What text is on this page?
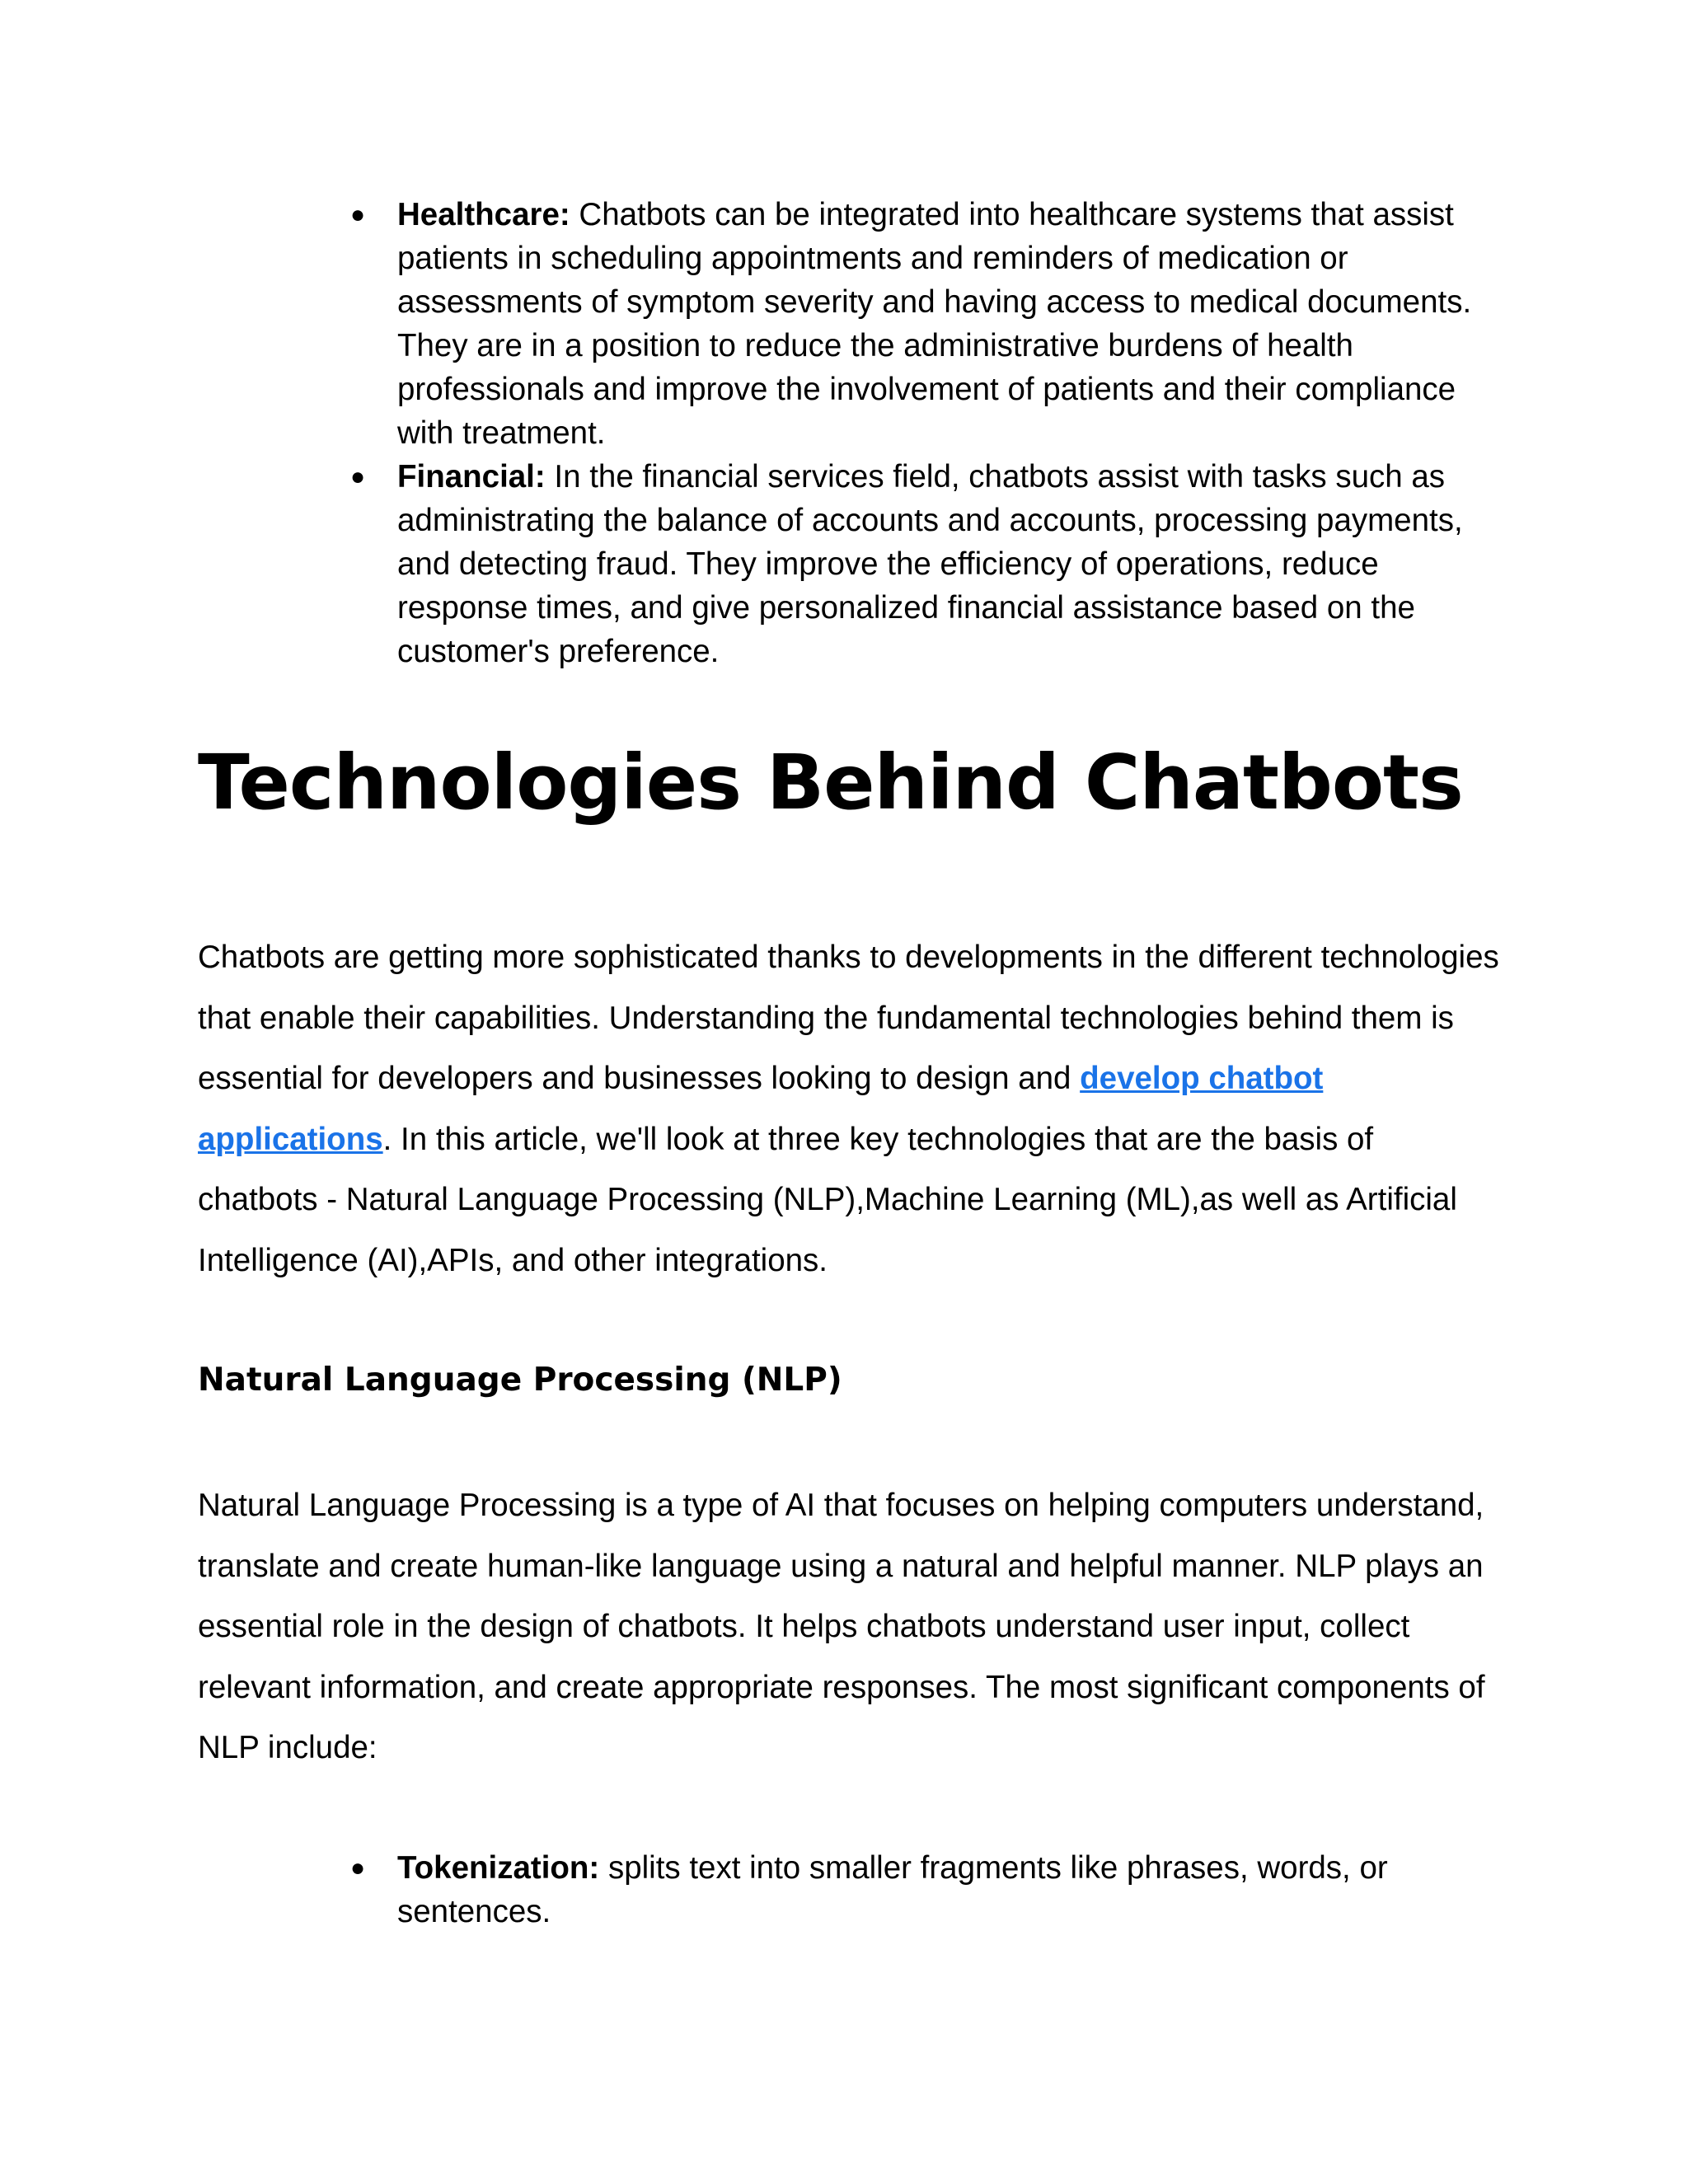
● Healthcare: Chatbots can be integrated into healthcare systems that assist patients in scheduling appointments and reminders of medication or assessments of symptom severity and having access to medical documents. They are in a position to reduce the administrative burdens of health professionals and improve the involvement of patients and their compliance with treatment.
● Financial: In the financial services field, chatbots assist with tasks such as administrating the balance of accounts and accounts, processing payments, and detecting fraud. They improve the efficiency of operations, reduce response times, and give personalized financial assistance based on the customer's preference.
Technologies Behind Chatbots

Chatbots are getting more sophisticated thanks to developments in the different technologies that enable their capabilities. Understanding the fundamental technologies behind them is essential for developers and businesses looking to design and develop chatbot applications. In this article, we'll look at three key technologies that are the basis of chatbots - Natural Language Processing (NLP),Machine Learning (ML),as well as Artificial Intelligence (AI),APIs, and other integrations.

Natural Language Processing (NLP)

Natural Language Processing is a type of AI that focuses on helping computers understand, translate and create human-like language using a natural and helpful manner. NLP plays an essential role in the design of chatbots. It helps chatbots understand user input, collect relevant information, and create appropriate responses. The most significant components of NLP include:

● Tokenization: splits text into smaller fragments like phrases, words, or sentences.
